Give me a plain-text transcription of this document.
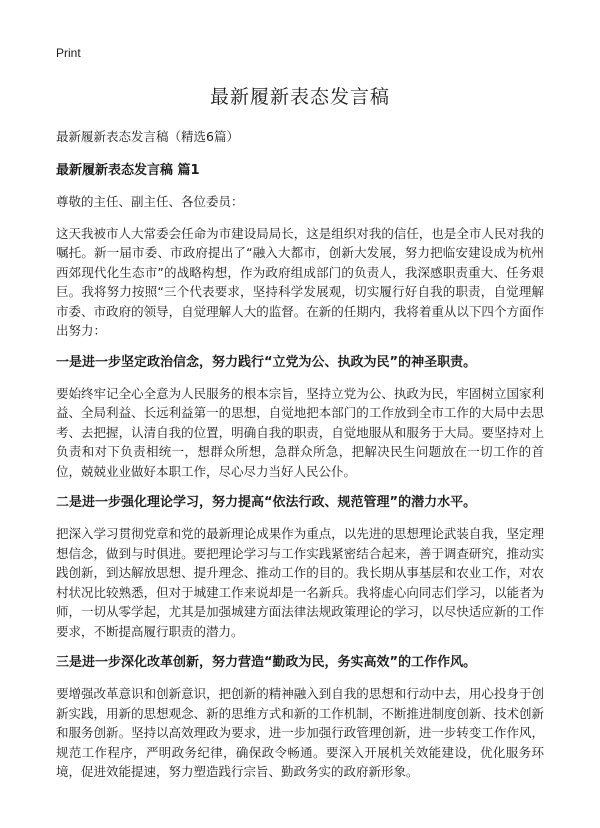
Print

最新履新表态发言稿

最新履新表态发言稿（精选6篇）

最新履新表态发言稿 篇1

尊敬的主任、副主任、各位委员：

这天我被市人大常委会任命为市建设局局长，这是组织对我的信任，也是全市人民对我的嘱托。新一届市委、市政府提出了“融入大都市，创新大发展，努力把临安建设成为杭州西郊现代化生态市”的战略构想，作为政府组成部门的负责人，我深感职责重大、任务艰巨。我将努力按照“三个代表要求，坚持科学发展观，切实履行好自我的职责，自觉理解市委、市政府的领导，自觉理解人大的监督。在新的任期内，我将着重从以下四个方面作出努力：

一是进一步坚定政治信念，努力践行“立党为公、执政为民”的神圣职责。

要始终牢记全心全意为人民服务的根本宗旨，坚持立党为公、执政为民，牢固树立国家利益、全局利益、长远利益第一的思想，自觉地把本部门的工作放到全市工作的大局中去思考、去把握，认清自我的位置，明确自我的职责，自觉地服从和服务于大局。要坚持对上负责和对下负责相统一，想群众所想，急群众所急，把解决民生问题放在一切工作的首位，兢兢业业做好本职工作，尽心尽力当好人民公仆。

二是进一步强化理论学习，努力提高“依法行政、规范管理”的潜力水平。

把深入学习贯彻党章和党的最新理论成果作为重点，以先进的思想理论武装自我，坚定理想信念，做到与时俱进。要把理论学习与工作实践紧密结合起来，善于调查研究，推动实践创新，到达解放思想、提升理念、推动工作的目的。我长期从事基层和农业工作，对农村状况比较熟悉，但对于城建工作来说却是一名新兵。我将虚心向同志们学习，以能者为师，一切从零学起，尤其是加强城建方面法律法规政策理论的学习，以尽快适应新的工作要求，不断提高履行职责的潜力。

三是进一步深化改革创新，努力营造“勤政为民，务实高效”的工作作风。

要增强改革意识和创新意识，把创新的精神融入到自我的思想和行动中去，用心投身于创新实践，用新的思想观念、新的思维方式和新的工作机制，不断推进制度创新、技术创新和服务创新。坚持以高效理政为要求，进一步加强行政管理创新，进一步转变工作作风，规范工作程序，严明政务纪律，确保政令畅通。要深入开展机关效能建设，优化服务环境，促进效能提速，努力塑造践行宗旨、勤政务实的政府新形象。
